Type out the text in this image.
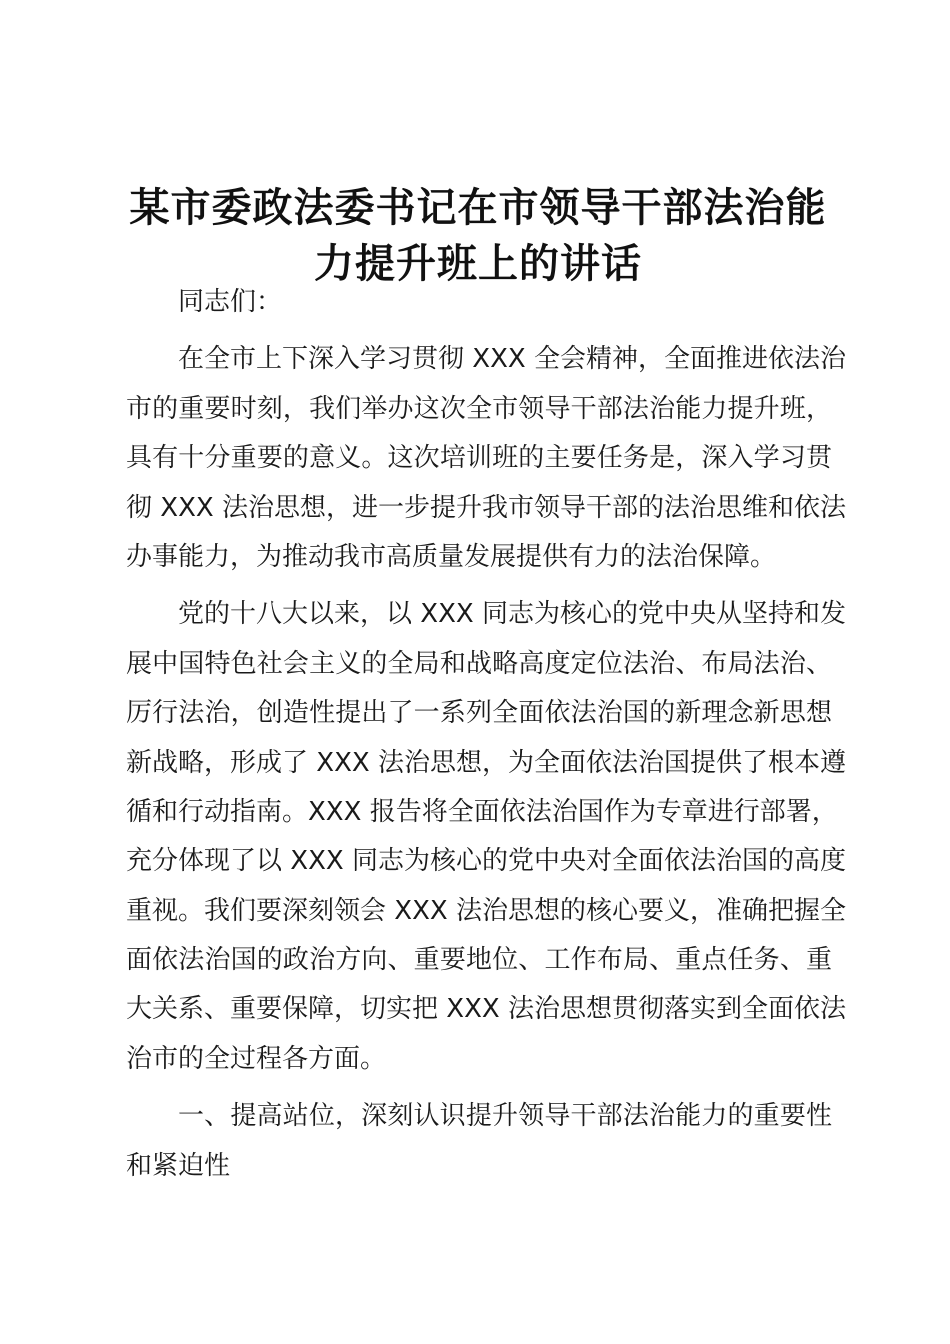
某市委政法委书记在市领导干部法治能
力提升班上的讲话
同志们：
在全市上下深入学习贯彻 XXX 全会精神，全面推进依法治
市的重要时刻，我们举办这次全市领导干部法治能力提升班，
具有十分重要的意义。这次培训班的主要任务是，深入学习贯
彻 XXX 法治思想，进一步提升我市领导干部的法治思维和依法
办事能力，为推动我市高质量发展提供有力的法治保障。
党的十八大以来，以 XXX 同志为核心的党中央从坚持和发
展中国特色社会主义的全局和战略高度定位法治、布局法治、
厉行法治，创造性提出了一系列全面依法治国的新理念新思想
新战略，形成了 XXX 法治思想，为全面依法治国提供了根本遵
循和行动指南。XXX 报告将全面依法治国作为专章进行部署，
充分体现了以 XXX 同志为核心的党中央对全面依法治国的高度
重视。我们要深刻领会 XXX 法治思想的核心要义，准确把握全
面依法治国的政治方向、重要地位、工作布局、重点任务、重
大关系、重要保障，切实把 XXX 法治思想贯彻落实到全面依法
治市的全过程各方面。
一、提高站位，深刻认识提升领导干部法治能力的重要性
和紧迫性
